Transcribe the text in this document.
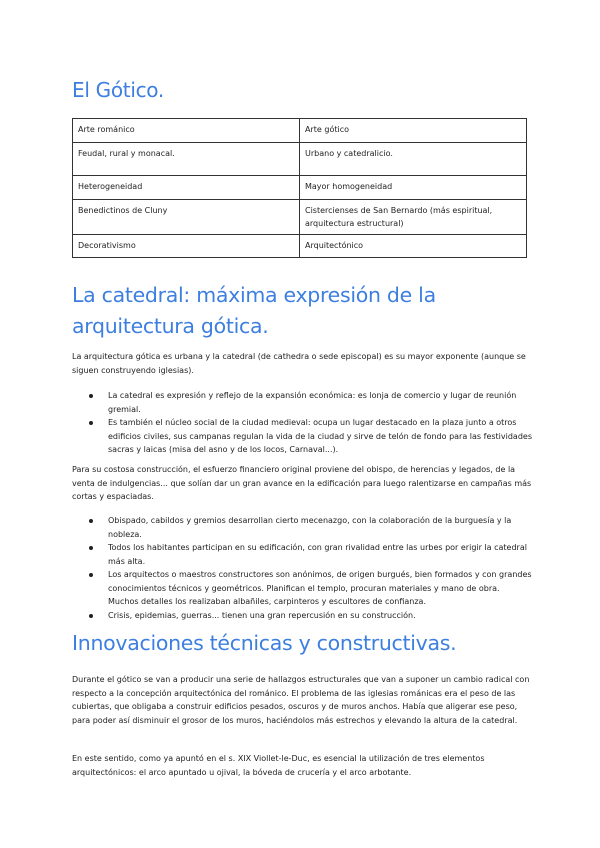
El Gótico.
Arte románico	Arte gótico
Feudal, rural y monacal.	Urbano y catedralicio.
Heterogeneidad	Mayor homogeneidad
Benedictinos de Cluny	Cistercienses de San Bernardo (más espiritual, arquitectura estructural)
Decorativismo	Arquitectónico
La catedral: máxima expresión de la arquitectura gótica.

La arquitectura gótica es urbana y la catedral (de cathedra o sede episcopal) es su mayor exponente (aunque se siguen construyendo iglesias).

La catedral es expresión y reflejo de la expansión económica: es lonja de comercio y lugar de reunión gremial.
Es también el núcleo social de la ciudad medieval: ocupa un lugar destacado en la plaza junto a otros edificios civiles, sus campanas regulan la vida de la ciudad y sirve de telón de fondo para las festividades sacras y laicas (misa del asno y de los locos, Carnaval...).

Para su costosa construcción, el esfuerzo financiero original proviene del obispo, de herencias y legados, de la venta de indulgencias... que solían dar un gran avance en la edificación para luego ralentizarse en campañas más cortas y espaciadas.

Obispado, cabildos y gremios desarrollan cierto mecenazgo, con la colaboración de la burguesía y la nobleza.
Todos los habitantes participan en su edificación, con gran rivalidad entre las urbes por erigir la catedral más alta.
Los arquitectos o maestros constructores son anónimos, de origen burgués, bien formados y con grandes conocimientos técnicos y geométricos. Planifican el templo, procuran materiales y mano de obra. Muchos detalles los realizaban albañiles, carpinteros y escultores de confianza.
Crisis, epidemias, guerras... tienen una gran repercusión en su construcción.
Innovaciones técnicas y constructivas.

Durante el gótico se van a producir una serie de hallazgos estructurales que van a suponer un cambio radical con respecto a la concepción arquitectónica del románico. El problema de las iglesias románicas era el peso de las cubiertas, que obligaba a construir edificios pesados, oscuros y de muros anchos. Había que aligerar ese peso, para poder así disminuir el grosor de los muros, haciéndolos más estrechos y elevando la altura de la catedral.

En este sentido, como ya apuntó en el s. XIX Viollet-le-Duc, es esencial la utilización de tres elementos arquitectónicos: el arco apuntado u ojival, la bóveda de crucería y el arco arbotante.
